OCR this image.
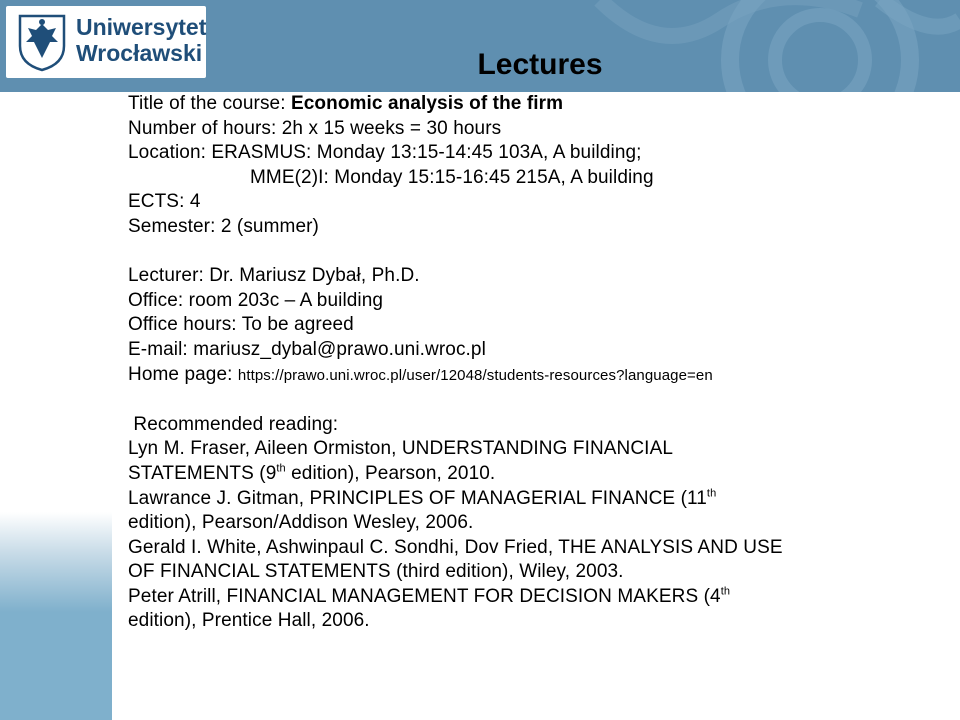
Uniwersytet
Wrocławski	Lectures
Title of the course: Economic analysis of the firm
Number of hours: 2h x 15 weeks = 30 hours
Location: ERASMUS: Monday 13:15-14:45 103A, A building;
MME(2)I: Monday 15:15-16:45 215A, A building
ECTS: 4
Semester: 2 (summer)
Lecturer: Dr. Mariusz Dybał, Ph.D.
Office: room 203c – A building
Office hours: To be agreed
E-mail: mariusz_dybal@prawo.uni.wroc.pl
Home page: https://prawo.uni.wroc.pl/user/12048/students-resources?language=en
Recommended reading:
Lyn M. Fraser, Aileen Ormiston, UNDERSTANDING FINANCIAL
STATEMENTS (9th edition), Pearson, 2010.
Lawrance J. Gitman, PRINCIPLES OF MANAGERIAL FINANCE (11th
edition), Pearson/Addison Wesley, 2006.
Gerald I. White, Ashwinpaul C. Sondhi, Dov Fried, THE ANALYSIS AND USE
OF FINANCIAL STATEMENTS (third edition), Wiley, 2003.
Peter Atrill, FINANCIAL MANAGEMENT FOR DECISION MAKERS (4th
edition), Prentice Hall, 2006.
